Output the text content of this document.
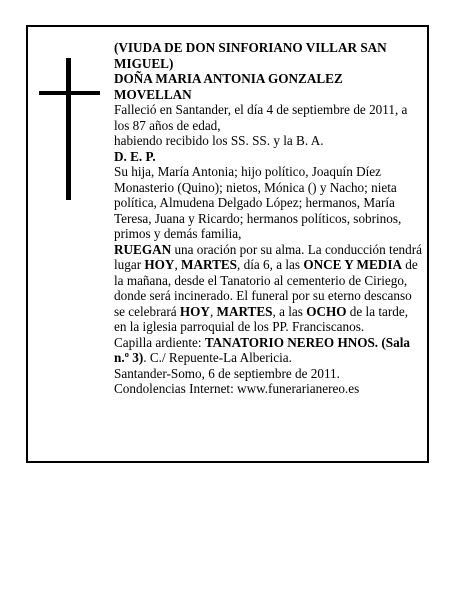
(VIUDA DE DON SINFORIANO VILLAR SAN MIGUEL)

DOÑA MARIA ANTONIA GONZALEZ MOVELLAN

Falleció en Santander, el día 4 de septiembre de 2011, a los 87 años de edad,

habiendo recibido los SS. SS. y la B. A.

D. E. P.

Su hija, María Antonia; hijo político, Joaquín Díez Monasterio (Quino); nietos, Mónica () y Nacho; nieta política, Almudena Delgado López; hermanos, María Teresa, Juana y Ricardo; hermanos políticos, sobrinos, primos y demás familia,

RUEGAN una oración por su alma. La conducción tendrá lugar HOY, MARTES, día 6, a las ONCE Y MEDIA de la mañana, desde el Tanatorio al cementerio de Ciriego, donde será incinerado. El funeral por su eterno descanso se celebrará HOY, MARTES, a las OCHO de la tarde, en la iglesia parroquial de los PP. Franciscanos.

Capilla ardiente: TANATORIO NEREO HNOS. (Sala n.º 3). C./ Repuente-La Albericia.

Santander-Somo, 6 de septiembre de 2011.

Condolencias Internet: www.funerarianereo.es
